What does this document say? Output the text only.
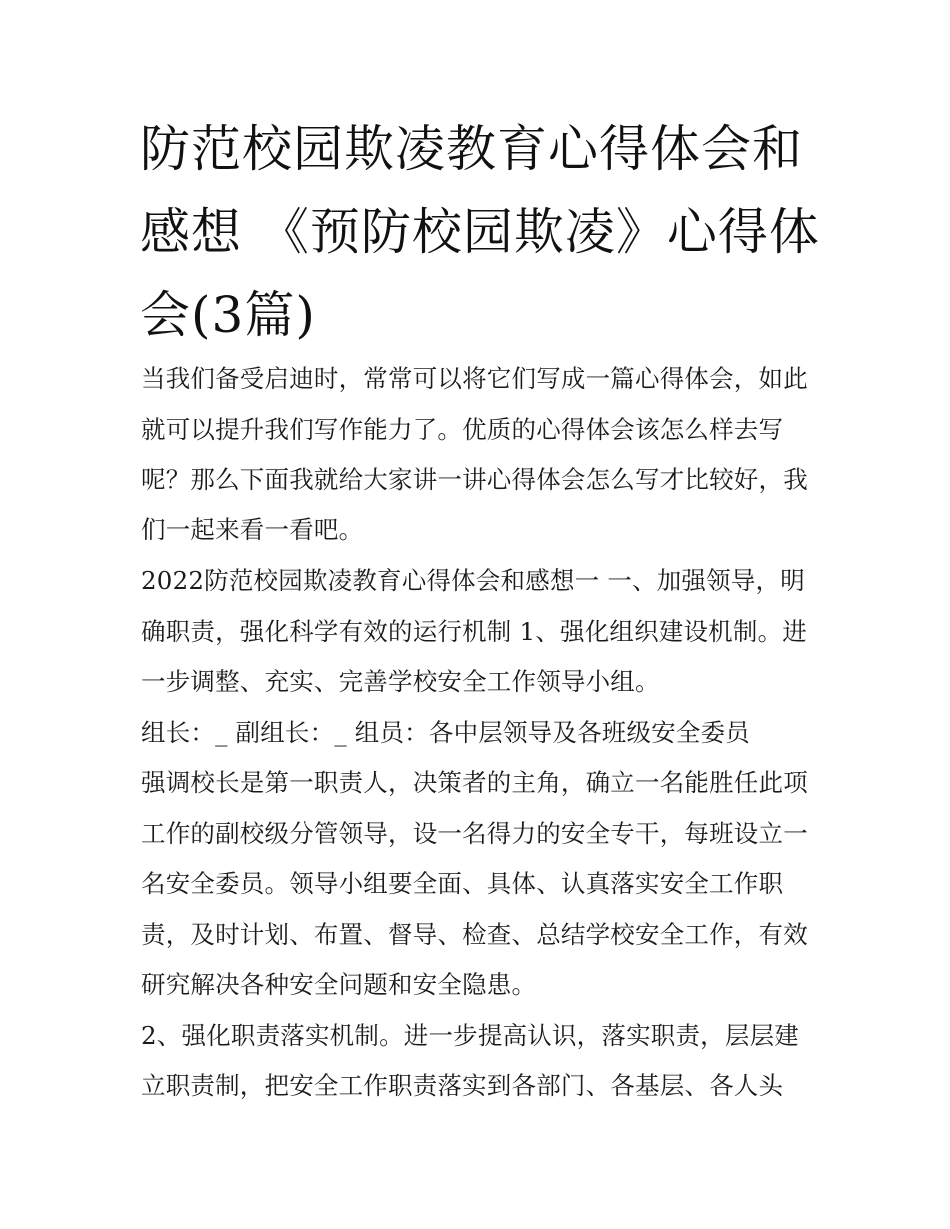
防范校园欺凌教育心得体会和感想 《预防校园欺凌》心得体会(3篇)

当我们备受启迪时，常常可以将它们写成一篇心得体会，如此

就可以提升我们写作能力了。优质的心得体会该怎么样去写

呢？那么下面我就给大家讲一讲心得体会怎么写才比较好，我

们一起来看一看吧。

2022防范校园欺凌教育心得体会和感想一 一、加强领导，明

确职责，强化科学有效的运行机制 1、强化组织建设机制。进

一步调整、充实、完善学校安全工作领导小组。

组长：_ 副组长：_ 组员：各中层领导及各班级安全委员

强调校长是第一职责人，决策者的主角，确立一名能胜任此项

工作的副校级分管领导，设一名得力的安全专干，每班设立一

名安全委员。领导小组要全面、具体、认真落实安全工作职

责，及时计划、布置、督导、检查、总结学校安全工作，有效

研究解决各种安全问题和安全隐患。

2、强化职责落实机制。进一步提高认识，落实职责，层层建

立职责制，把安全工作职责落实到各部门、各基层、各人头
